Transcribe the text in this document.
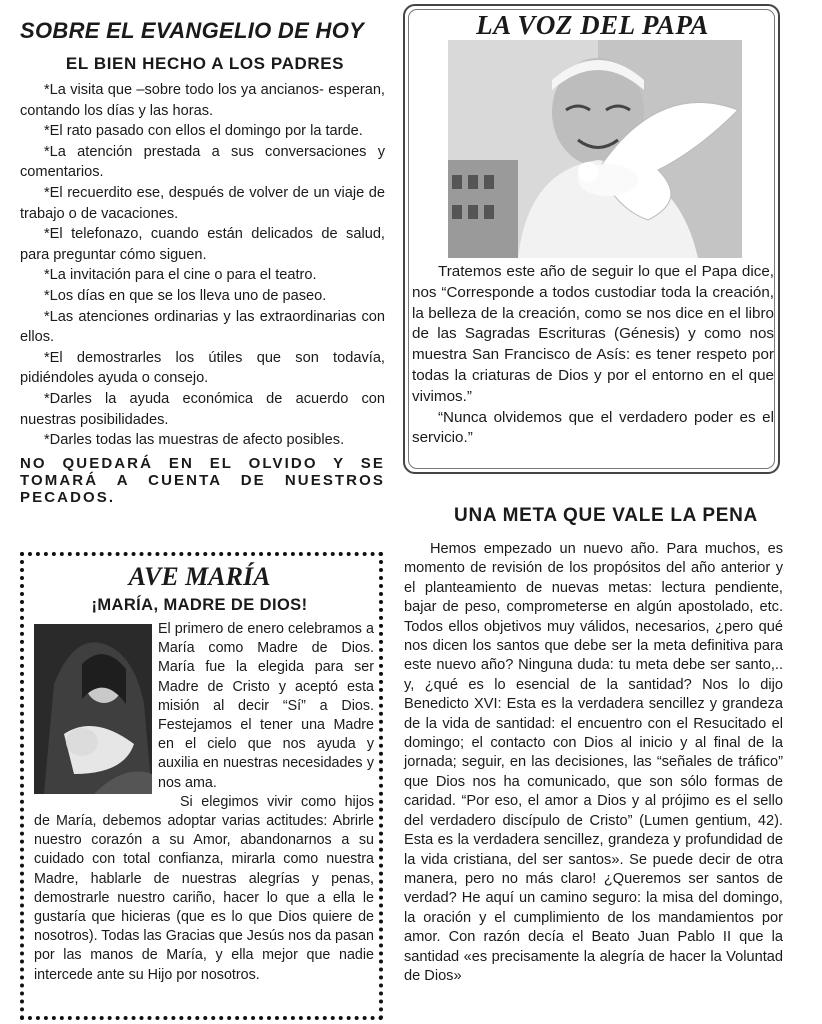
SOBRE EL EVANGELIO DE HOY
EL BIEN HECHO A LOS PADRES

*La visita que –sobre todo los ya ancianos- esperan, contando los días y las horas.

*El rato pasado con ellos el domingo por la tarde.

*La atención prestada a sus conversaciones y comentarios.

*El recuerdito ese, después de volver de un viaje de trabajo o de vacaciones.

*El telefonazo, cuando están delicados de salud, para preguntar cómo siguen.

*La invitación para el cine o para el teatro.

*Los días en que se los lleva uno de paseo.

*Las atenciones ordinarias y las extraordinarias con ellos.

*El demostrarles los útiles que son todavía, pidiéndoles ayuda o consejo.

*Darles la ayuda económica de acuerdo con nuestras posibilidades.

*Darles todas las muestras de afecto posibles.

NO QUEDARÁ EN EL OLVIDO Y SE TOMARÁ A CUENTA DE NUESTROS PECADOS.

LA VOZ DEL PAPA

Tratemos este año de seguir lo que el Papa dice, nos “Corresponde a todos custodiar toda la creación, la belleza de la creación, como se nos dice en el libro de las Sagradas Escrituras (Génesis) y como nos muestra San Francisco de Asís: es tener respeto por todas la criaturas de Dios y por el entorno en el que vivimos.”

“Nunca olvidemos que el verdadero poder es el servicio.”

UNA META QUE VALE LA PENA

Hemos empezado un nuevo año. Para muchos, es momento de revisión de los propósitos del año anterior y el planteamiento de nuevas metas: lectura pendiente, bajar de peso, comprometerse en algún apostolado, etc. Todos ellos objetivos muy válidos, necesarios, ¿pero qué nos dicen los santos que debe ser la meta definitiva para este nuevo año? Ninguna duda: tu meta debe ser santo,.. y, ¿qué es lo esencial de la santidad? Nos lo dijo Benedicto XVI: Esta es la verdadera sencillez y grandeza de la vida de santidad: el encuentro con el Resucitado el domingo; el contacto con Dios al inicio y al final de la jornada; seguir, en las decisiones, las “señales de tráfico” que Dios nos ha comunicado, que son sólo formas de caridad. “Por eso, el amor a Dios y al prójimo es el sello del verdadero discípulo de Cristo” (Lumen gentium, 42). Esta es la verdadera sencillez, grandeza y profundidad de la vida cristiana, del ser santos». Se puede decir de otra manera, pero no más claro! ¿Queremos ser santos de verdad? He aquí un camino seguro: la misa del domingo, la oración y el cumplimiento de los mandamientos por amor. Con razón decía el Beato Juan Pablo II que la santidad «es precisamente la alegría de hacer la Voluntad de Dios»

AVE MARÍA
¡MARÍA, MADRE DE DIOS!
El primero de enero celebramos a María como Madre de Dios. María fue la elegida para ser Madre de Cristo y aceptó esta misión al decir “Sí” a Dios. Festejamos el tener una Madre en el cielo que nos ayuda y auxilia en nuestras necesidades y nos ama.
Si elegimos vivir como hijos de María, debemos adoptar varias actitudes: Abrirle nuestro corazón a su Amor, abandonarnos a su cuidado con total confianza, mirarla como nuestra Madre, hablarle de nuestras alegrías y penas, demostrarle nuestro cariño, hacer lo que a ella le gustaría que hicieras (que es lo que Dios quiere de nosotros). Todas las Gracias que Jesús nos da pasan por las manos de María, y ella mejor que nadie intercede ante su Hijo por nosotros.
